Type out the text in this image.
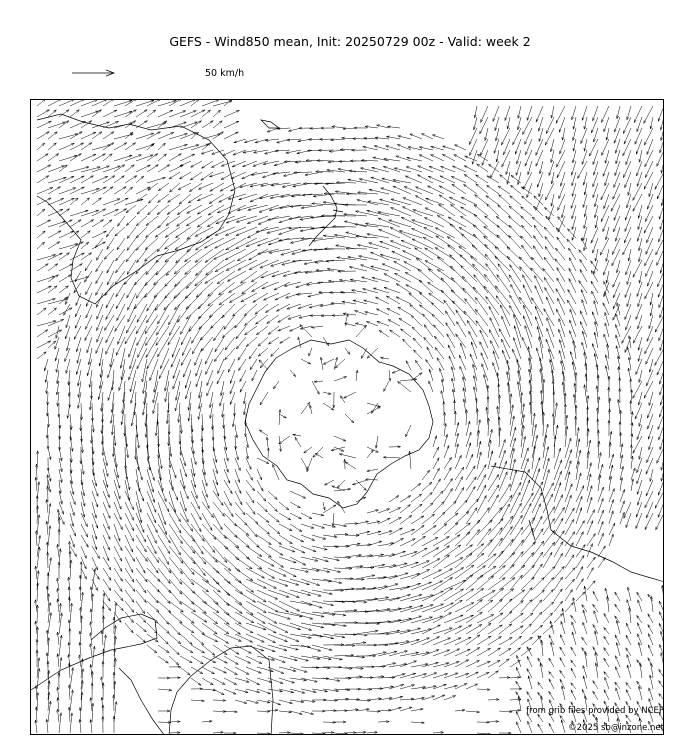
GEFS - Wind850 mean, Init: 20250729 00z - Valid: week 2
50 km/h
from grib files provided by NCEP
©2025 sb@inzone.net
